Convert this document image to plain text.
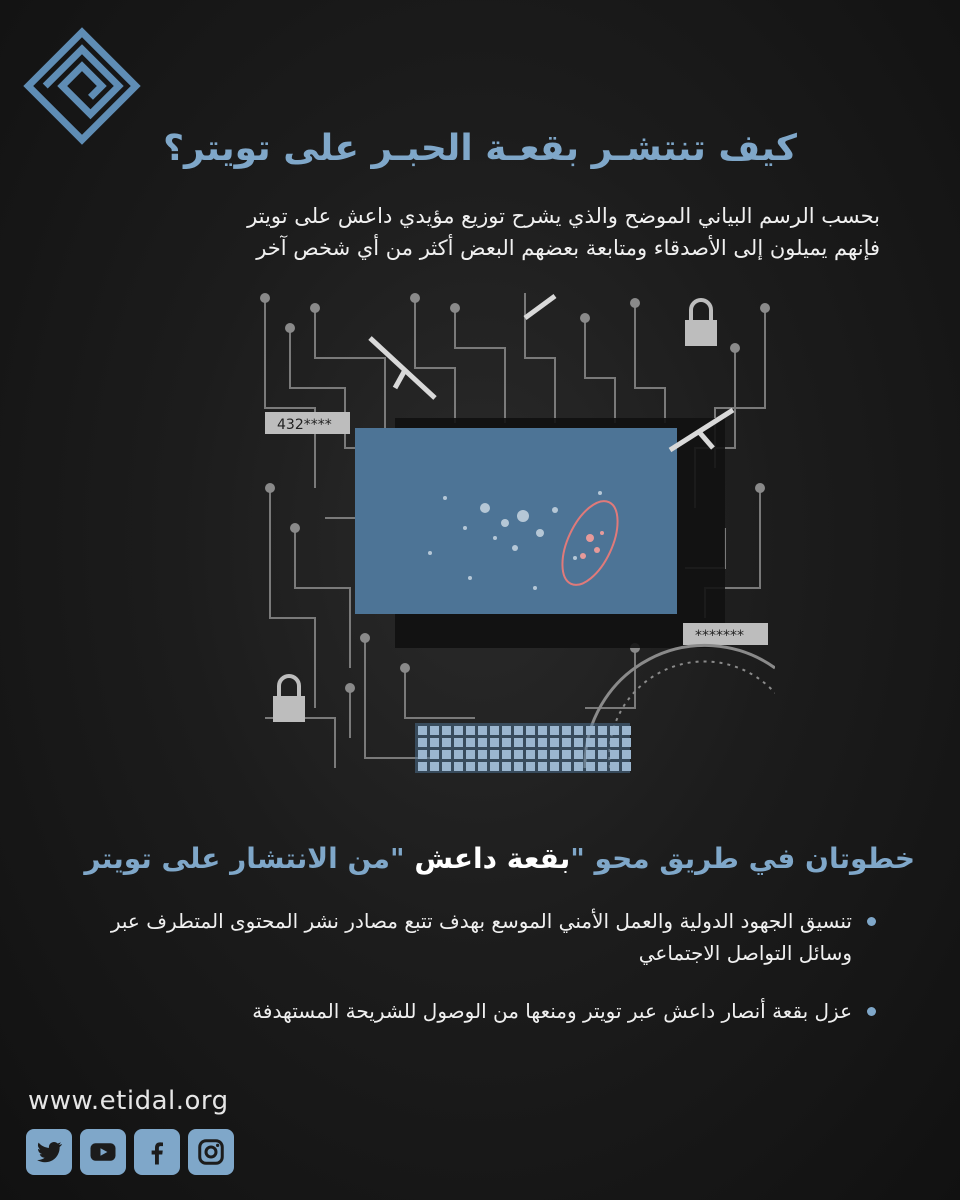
كيف تنتشـر بقعـة الحبـر على تويتر؟

بحسب الرسم البياني الموضح والذي يشرح توزيع مؤيدي داعش على تويتر

فإنهم يميلون إلى الأصدقاء ومتابعة بعضهم البعض أكثر من أي شخص آخر

432****
*******
خطوتان في طريق محو "بقعة داعش "من الانتشار على تويتر
تنسيق الجهود الدولية والعمل الأمني الموسع بهدف تتبع مصادر نشر المحتوى المتطرف عبر وسائل التواصل الاجتماعي
عزل بقعة أنصار داعش عبر تويتر ومنعها من الوصول للشريحة المستهدفة
www.etidal.org
